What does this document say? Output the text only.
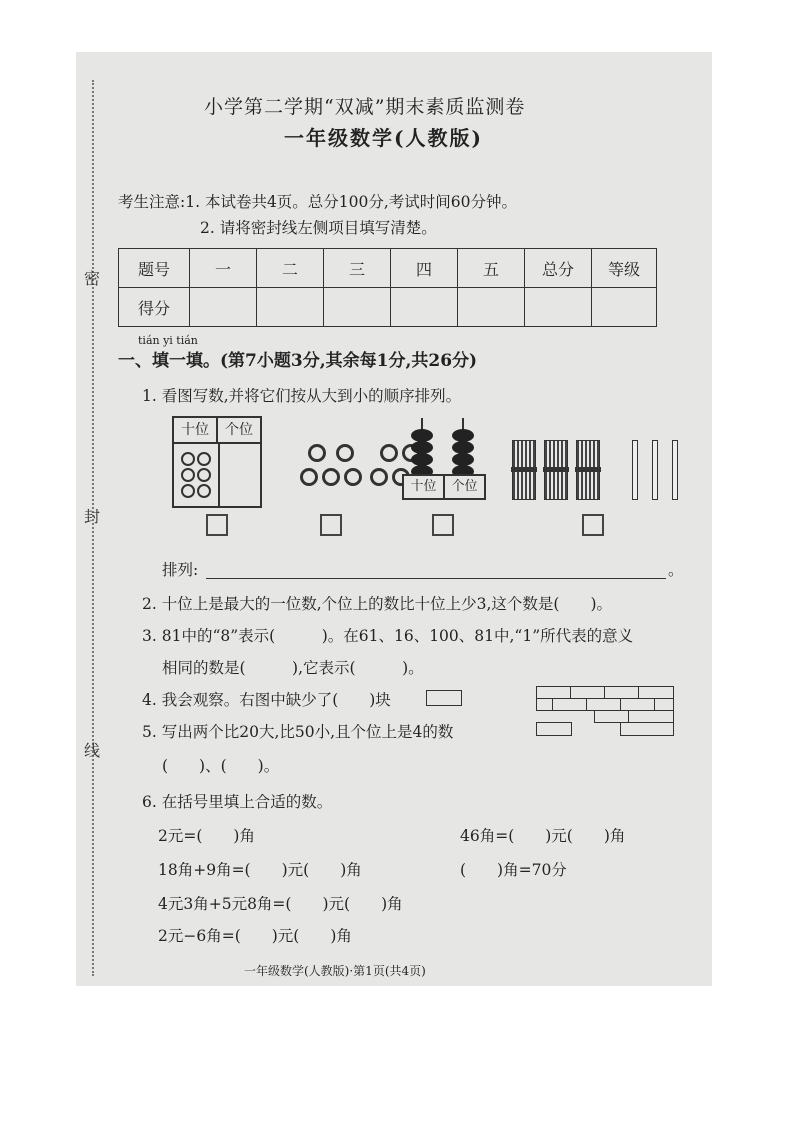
密
封
线
小学第二学期“双减”期末素质监测卷
一年级数学(人教版)
考生注意:1. 本试卷共4页。总分100分,考试时间60分钟。
2. 请将密封线左侧项目填写清楚。
题号	一	二	三	四	五	总分	等级
得分							
tián yi tián
一、填一填。(第7小题3分,其余每1分,共26分)
1. 看图写数,并将它们按从大到小的顺序排列。
十位	个位
十位	个位
排列:	。
2. 十位上是最大的一位数,个位上的数比十位上少3,这个数是(　　)。
3. 81中的“8”表示(　　　)。在61、16、100、81中,“1”所代表的意义
相同的数是(　　　),它表示(　　　)。
4. 我会观察。右图中缺少了(　　)块
5. 写出两个比20大,比50小,且个位上是4的数
(　　)、(　　)。
6. 在括号里填上合适的数。
2元=(　　)角	46角=(　　)元(　　)角
18角+9角=(　　)元(　　)角	(　　)角=70分
4元3角+5元8角=(　　)元(　　)角
2元−6角=(　　)元(　　)角
一年级数学(人教版)·第1页(共4页)
